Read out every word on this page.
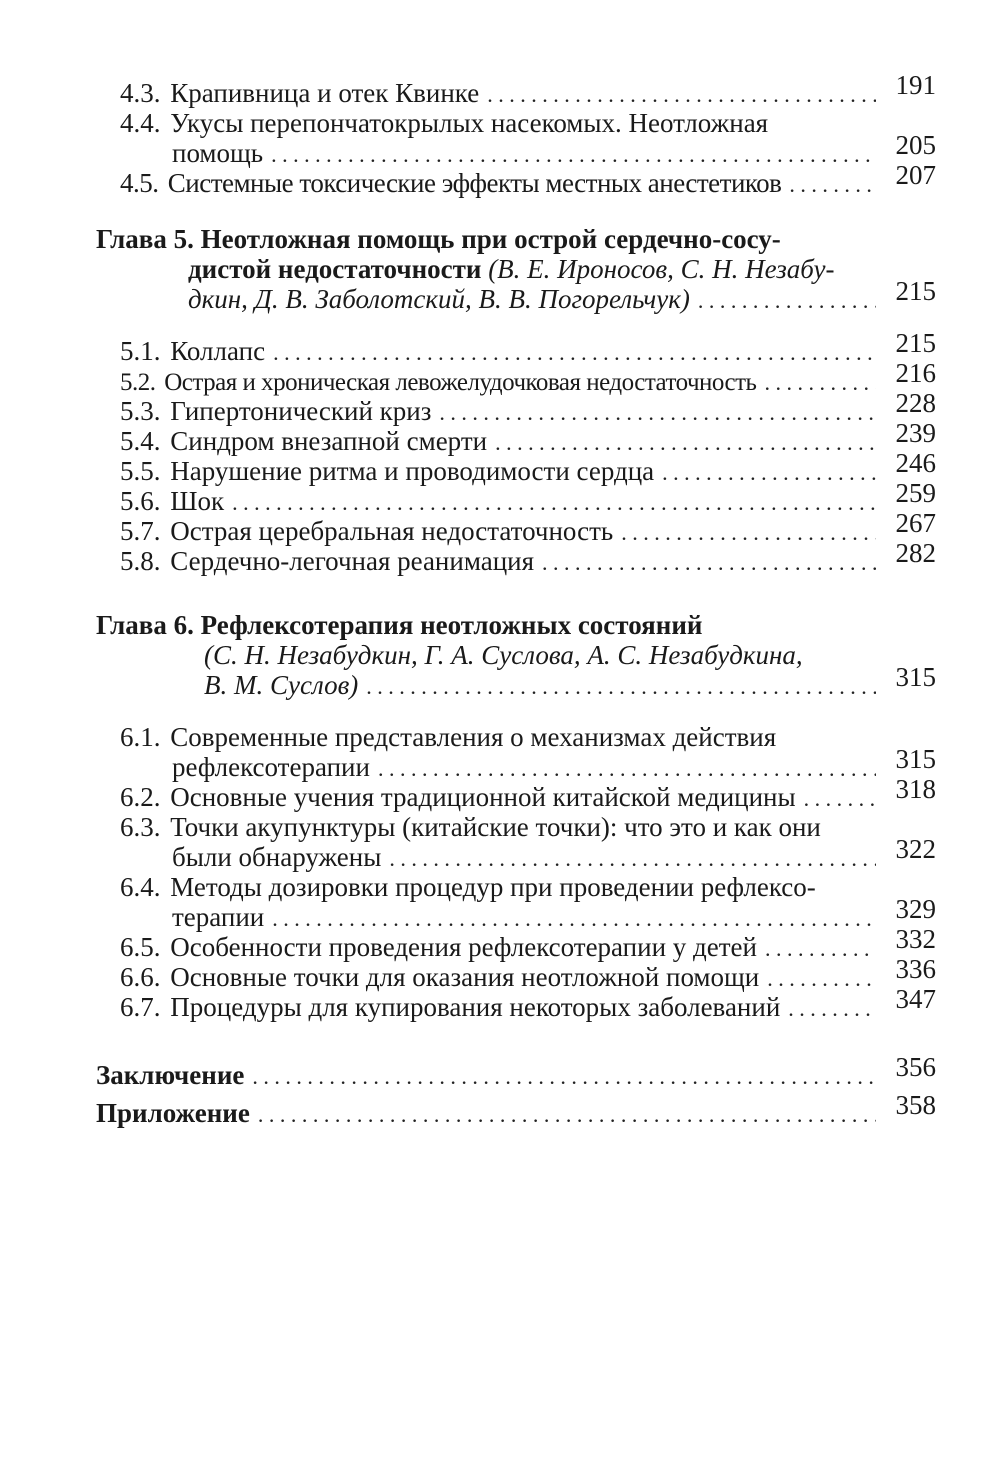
4.3. Крапивница и отек Квинке . . .	191
4.4. Укусы перепончатокрылых насекомых. Неотложная
помощь . . .	205
4.5. Системные токсические эффекты местных анестетиков . . .	207
Глава 5. Неотложная помощь при острой сердечно-сосу-
дистой недостаточности (В. Е. Ироносов, С. Н. Незабу-
дкин, Д. В. Заболотский, В. В. Погорельчук) . . .	215
5.1. Коллапс . . .	215
5.2. Острая и хроническая левожелудочковая недостаточность . . .	216
5.3. Гипертонический криз . . .	228
5.4. Синдром внезапной смерти . . .	239
5.5. Нарушение ритма и проводимости сердца . . .	246
5.6. Шок . . .	259
5.7. Острая церебральная недостаточность . . .	267
5.8. Сердечно-легочная реанимация . . .	282
Глава 6. Рефлексотерапия неотложных состояний
(С. Н. Незабудкин, Г. А. Суслова, А. С. Незабудкина,
В. М. Суслов) . . .	315
6.1. Современные представления о механизмах действия
рефлексотерапии . . .	315
6.2. Основные учения традиционной китайской медицины . . .	318
6.3. Точки акупунктуры (китайские точки): что это и как они
были обнаружены . . .	322
6.4. Методы дозировки процедур при проведении рефлексо-
терапии . . .	329
6.5. Особенности проведения рефлексотерапии у детей . . .	332
6.6. Основные точки для оказания неотложной помощи . . .	336
6.7. Процедуры для купирования некоторых заболеваний . . .	347
Заключение . . .	356
Приложение . . .	358
